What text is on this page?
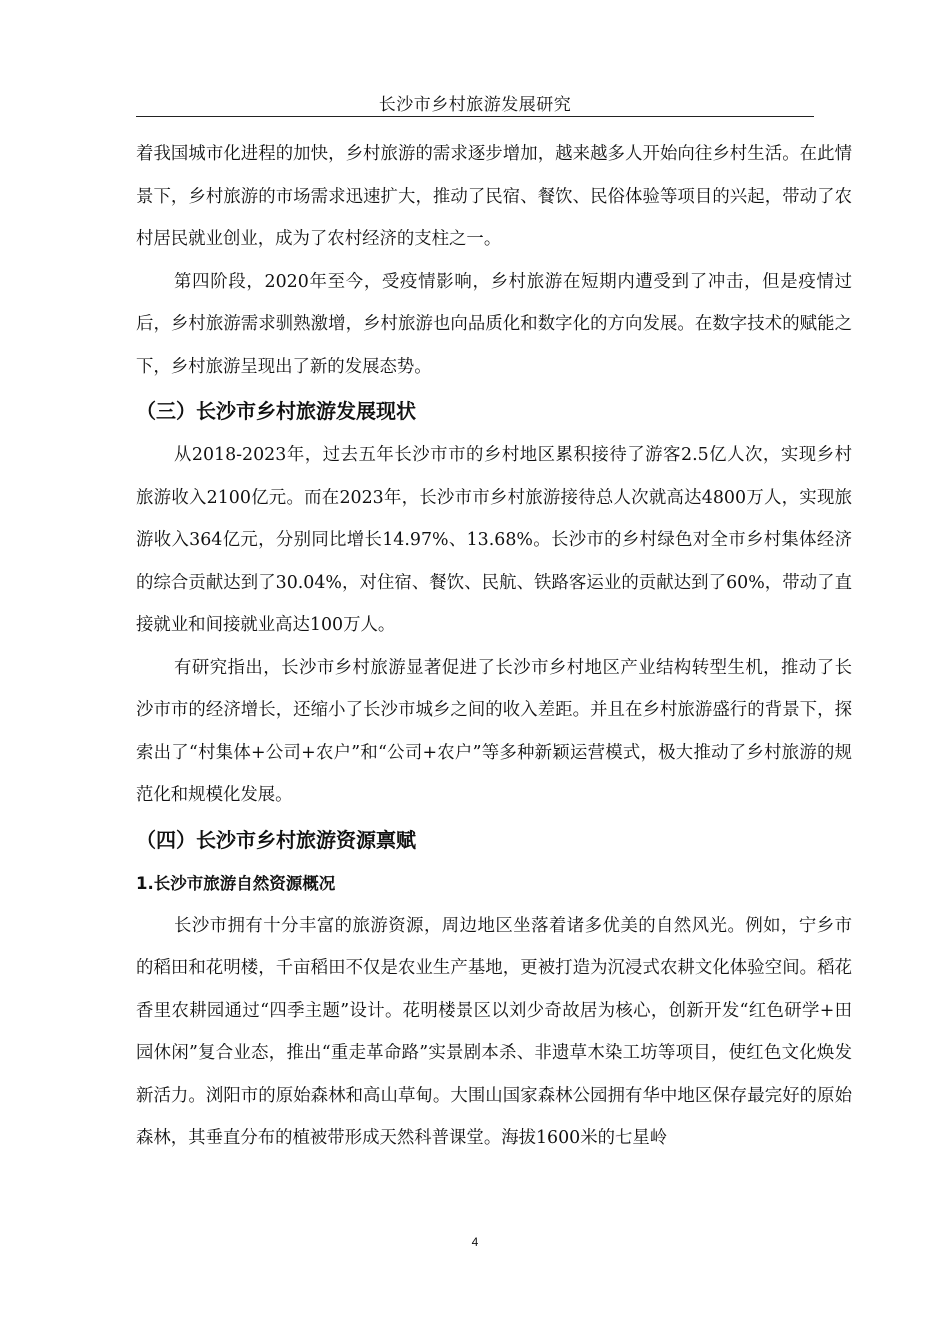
长沙市乡村旅游发展研究

着我国城市化进程的加快，乡村旅游的需求逐步增加，越来越多人开始向往乡村生活。在此情景下，乡村旅游的市场需求迅速扩大，推动了民宿、餐饮、民俗体验等项目的兴起，带动了农村居民就业创业，成为了农村经济的支柱之一。

第四阶段，2020年至今，受疫情影响，乡村旅游在短期内遭受到了冲击，但是疫情过后，乡村旅游需求驯熟激增，乡村旅游也向品质化和数字化的方向发展。在数字技术的赋能之下，乡村旅游呈现出了新的发展态势。

（三）长沙市乡村旅游发展现状

从2018-2023年，过去五年长沙市市的乡村地区累积接待了游客2.5亿人次，实现乡村旅游收入2100亿元。而在2023年，长沙市市乡村旅游接待总人次就高达4800万人，实现旅游收入364亿元，分别同比增长14.97%、13.68%。长沙市的乡村绿色对全市乡村集体经济的综合贡献达到了30.04%，对住宿、餐饮、民航、铁路客运业的贡献达到了60%，带动了直接就业和间接就业高达100万人。

有研究指出，长沙市乡村旅游显著促进了长沙市乡村地区产业结构转型生机，推动了长沙市市的经济增长，还缩小了长沙市城乡之间的收入差距。并且在乡村旅游盛行的背景下，探索出了“村集体+公司+农户”和“公司+农户”等多种新颖运营模式，极大推动了乡村旅游的规范化和规模化发展。

（四）长沙市乡村旅游资源禀赋
1.长沙市旅游自然资源概况

长沙市拥有十分丰富的旅游资源，周边地区坐落着诸多优美的自然风光。例如，宁乡市的稻田和花明楼，千亩稻田不仅是农业生产基地，更被打造为沉浸式农耕文化体验空间。稻花香里农耕园通过“四季主题”设计。花明楼景区以刘少奇故居为核心，创新开发“红色研学+田园休闲”复合业态，推出“重走革命路”实景剧本杀、非遗草木染工坊等项目，使红色文化焕发新活力。浏阳市的原始森林和高山草甸。大围山国家森林公园拥有华中地区保存最完好的原始森林，其垂直分布的植被带形成天然科普课堂。海拔1600米的七星岭

4
